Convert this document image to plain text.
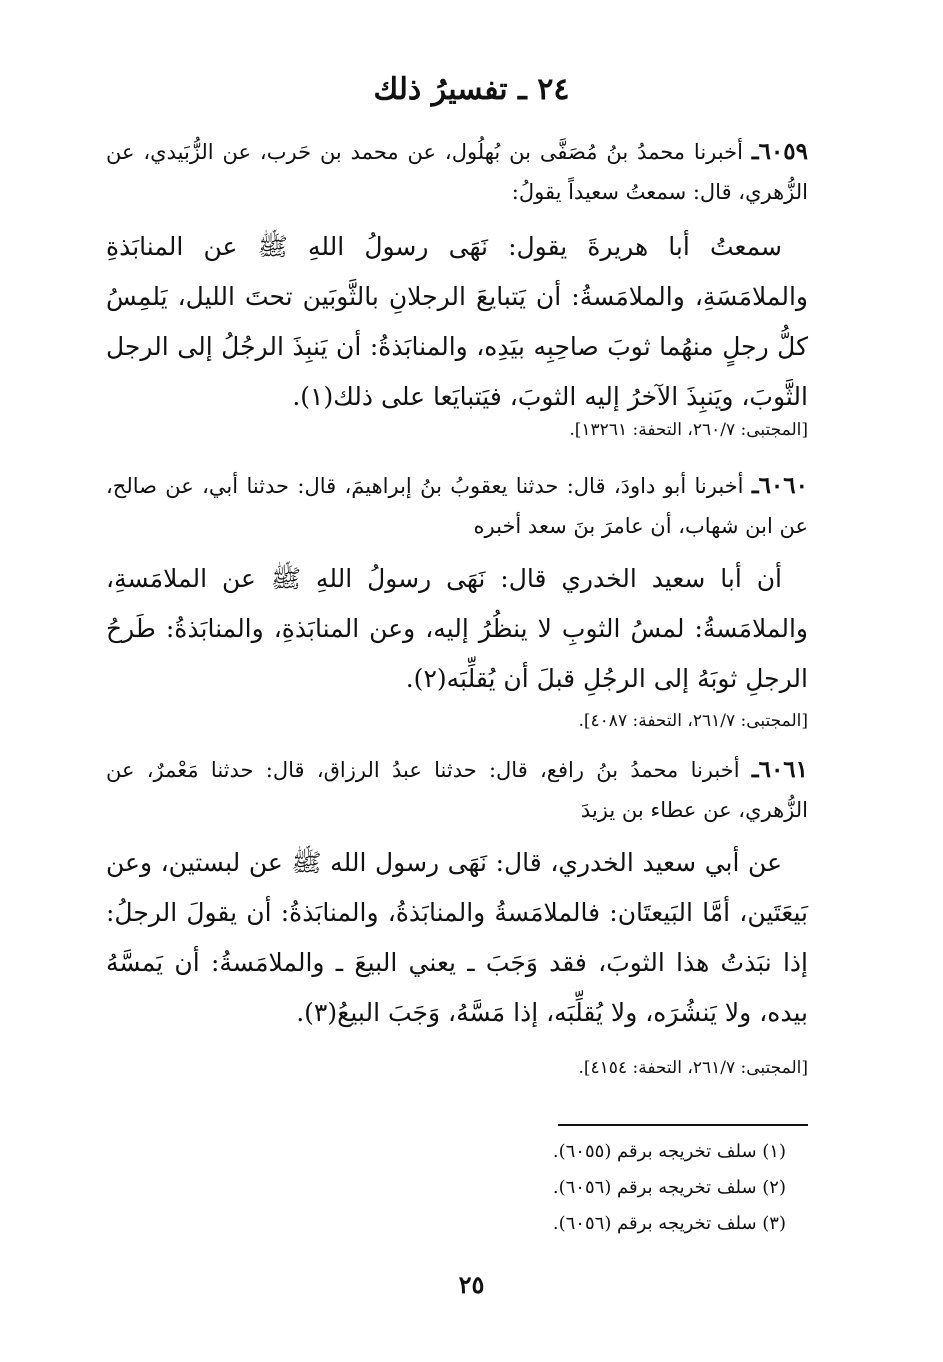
٢٤ ـ تفسيرُ ذلك
٦٠٥٩ـ أخبرنا محمدُ بنُ مُصَفَّى بن بُهلُول، عن محمد بن حَرب، عن الزُّبَيدي، عن الزُّهري، قال: سمعتُ سعيداً يقولُ:
سمعتُ أبا هريرةَ يقول: نَهَى رسولُ اللهِ ﷺ عن المنابَذةِ والملامَسَةِ، والملامَسةُ: أن يَتبايعَ الرجلانِ بالثَّوبَين تحتَ الليل، يَلمِسُ كلُّ رجلٍ منهُما ثوبَ صاحِبِه بيَدِه، والمنابَذةُ: أن يَنبِذَ الرجُلُ إلى الرجل الثَّوبَ، ويَنبِذَ الآخرُ إليه الثوبَ، فيَتبايَعا على ذلك(١).
[المجتبى: ٢٦٠/٧، التحفة: ١٣٢٦١].
٦٠٦٠ـ أخبرنا أبو داودَ، قال: حدثنا يعقوبُ بنُ إبراهيمَ، قال: حدثنا أبي، عن صالح، عن ابن شهاب، أن عامرَ بنَ سعد أخبره
أن أبا سعيد الخدري قال: نَهَى رسولُ اللهِ ﷺ عن الملامَسةِ، والملامَسةُ: لمسُ الثوبِ لا ينظُرُ إليه، وعن المنابَذةِ، والمنابَذةُ: طَرحُ الرجلِ ثوبَهُ إلى الرجُلِ قبلَ أن يُقلِّبَه(٢).
[المجتبى: ٢٦١/٧، التحفة: ٤٠٨٧].
٦٠٦١ـ أخبرنا محمدُ بنُ رافع، قال: حدثنا عبدُ الرزاق، قال: حدثنا مَعْمرٌ، عن الزُّهري، عن عطاء بن يزيدَ
عن أبي سعيد الخدري، قال: نَهَى رسول الله ﷺ عن لبستين، وعن بَيعَتَين، أمَّا البَيعتَان: فالملامَسةُ والمنابَذةُ، والمنابَذةُ: أن يقولَ الرجلُ: إذا نبَذتُ هذا الثوبَ، فقد وَجَبَ ـ يعني البيعَ ـ والملامَسةُ: أن يَمسَّهُ بيده، ولا يَنشُرَه، ولا يُقلِّبَه، إذا مَسَّهُ، وَجَبَ البيعُ(٣).
[المجتبى: ٢٦١/٧، التحفة: ٤١٥٤].
(١) سلف تخريجه برقم (٦٠٥٥).
(٢) سلف تخريجه برقم (٦٠٥٦).
(٣) سلف تخريجه برقم (٦٠٥٦).
٢٥
